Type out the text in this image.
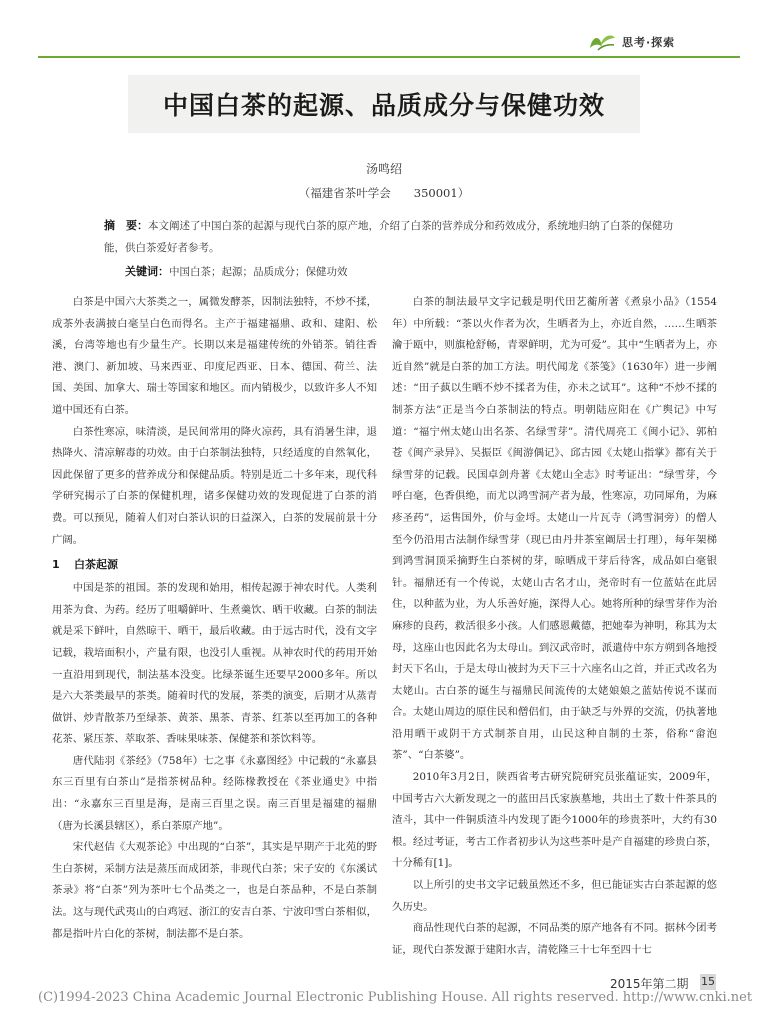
思考·探索
中国白茶的起源、品质成分与保健功效
汤鸣绍
（福建省茶叶学会　　350001）
摘　要：本文阐述了中国白茶的起源与现代白茶的原产地，介绍了白茶的营养成分和药效成分，系统地归纳了白茶的保健功能，供白茶爱好者参考。
关键词：中国白茶；起源；品质成分；保健功效

白茶是中国六大茶类之一，属微发酵茶，因制法独特，不炒不揉，成茶外表满披白毫呈白色而得名。主产于福建福鼎、政和、建阳、松溪，台湾等地也有少量生产。长期以来是福建传统的外销茶。销往香港、澳门、新加坡、马来西亚、印度尼西亚、日本、德国、荷兰、法国、美国、加拿大、瑞士等国家和地区。而内销极少，以致许多人不知道中国还有白茶。

白茶性寒凉，味清淡，是民间常用的降火凉药，具有消暑生津，退热降火、清凉解毒的功效。由于白茶制法独特，只经适度的自然氧化，因此保留了更多的营养成分和保健品质。特别是近二十多年来，现代科学研究揭示了白茶的保健机理，诸多保健功效的发现促进了白茶的消费。可以预见，随着人们对白茶认识的日益深入，白茶的发展前景十分广阔。

1 白茶起源

中国是茶的祖国。茶的发现和始用，相传起源于神农时代。人类利用茶为食、为药。经历了咀嚼鲜叶、生煮羹饮、晒干收藏。白茶的制法就是采下鲜叶，自然晾干、晒干，最后收藏。由于远古时代，没有文字记载，栽培面积小，产量有限，也没引人重视。从神农时代的药用开始一直沿用到现代，制法基本没变。比绿茶诞生还要早2000多年。所以是六大茶类最早的茶类。随着时代的发展，茶类的演变，后期才从蒸青做饼、炒青散茶乃至绿茶、黄茶、黑茶、青茶、红茶以至再加工的各种花茶、紧压茶、萃取茶、香味果味茶、保健茶和茶饮料等。

唐代陆羽《茶经》（758年）七之事《永嘉图经》中记载的“永嘉县东三百里有白茶山”是指茶树品种。经陈椽教授在《茶业通史》中指出：“永嘉东三百里是海，是南三百里之误。南三百里是福建的福鼎（唐为长溪县辖区），系白茶原产地”。

宋代赵佶《大观茶论》中出现的“白茶”，其实是早期产于北苑的野生白茶树，采制方法是蒸压而成团茶，非现代白茶；宋子安的《东溪试茶录》将“白茶”列为茶叶七个品类之一，也是白茶品种，不是白茶制法。这与现代武夷山的白鸡冠、浙江的安吉白茶、宁波印雪白茶相似，都是指叶片白化的茶树，制法都不是白茶。

白茶的制法最早文字记载是明代田艺蘅所著《煮泉小品》（1554年）中所载：“茶以火作者为次，生晒者为上，亦近自然，……生晒茶瀹于瓯中，则旗枪舒畅，青翠鲜明，尤为可爱”。其中“生晒者为上，亦近自然”就是白茶的加工方法。明代闻龙《茶笺》（1630年）进一步阐述：“田子蓺以生晒不炒不揉者为佳，亦未之试耳”。这种“不炒不揉的制茶方法”正是当今白茶制法的特点。明朝陆应阳在《广舆记》中写道：“福宁州太姥山出名茶、名绿雪芽”。清代周亮工《闽小记》、郭柏苍《闽产录异》、吴振臣《闽游偶记》、邱古园《太姥山指掌》都有关于绿雪芽的记载。民国卓剑舟著《太姥山全志》时考证出：“绿雪芽，今呼白毫，色香俱绝，而尤以鸿雪洞产者为最，性寒凉，功同犀角，为麻疹圣药”，运售国外，价与金埒。太姥山一片瓦寺（鸿雪洞旁）的僧人至今仍沿用古法制作绿雪芽（现已由丹井茶室阚居士打理），每年架梯到鸿雪洞顶采摘野生白茶树的芽，晾晒成干芽后待客，成品如白毫银针。福鼎还有一个传说，太姥山古名才山，尧帝时有一位蓝姑在此居住，以种蓝为业，为人乐善好施，深得人心。她将所种的绿雪芽作为治麻疹的良药，救活很多小孩。人们感恩戴德，把她奉为神明，称其为太母，这座山也因此名为太母山。到汉武帝时，派遣侍中东方朔到各地授封天下名山，于是太母山被封为天下三十六座名山之首，并正式改名为太姥山。古白茶的诞生与福鼎民间流传的太姥娘娘之蓝姑传说不谋而合。太姥山周边的原住民和僧侣们，由于缺乏与外界的交流，仍执著地沿用晒干或阴干方式制茶自用，山民这种自制的土茶，俗称“畲泡茶”、“白茶婆”。

2010年3月2日，陕西省考古研究院研究员张蕴证实，2009年，中国考古六大新发现之一的蓝田吕氏家族墓地，共出土了数十件茶具的渣斗，其中一件铜质渣斗内发现了距今1000年的珍贵茶叶，大约有30根。经过考证，考古工作者初步认为这些茶叶是产自福建的珍贵白茶，十分稀有[1]。

以上所引的史书文字记载虽然还不多，但已能证实古白茶起源的悠久历史。

商品性现代白茶的起源，不同品类的原产地各有不同。据林今团考证，现代白茶发源于建阳水吉，清乾隆三十七年至四十七

2015年第二期 15
(C)1994-2023 China Academic Journal Electronic Publishing House. All rights reserved. http://www.cnki.net
